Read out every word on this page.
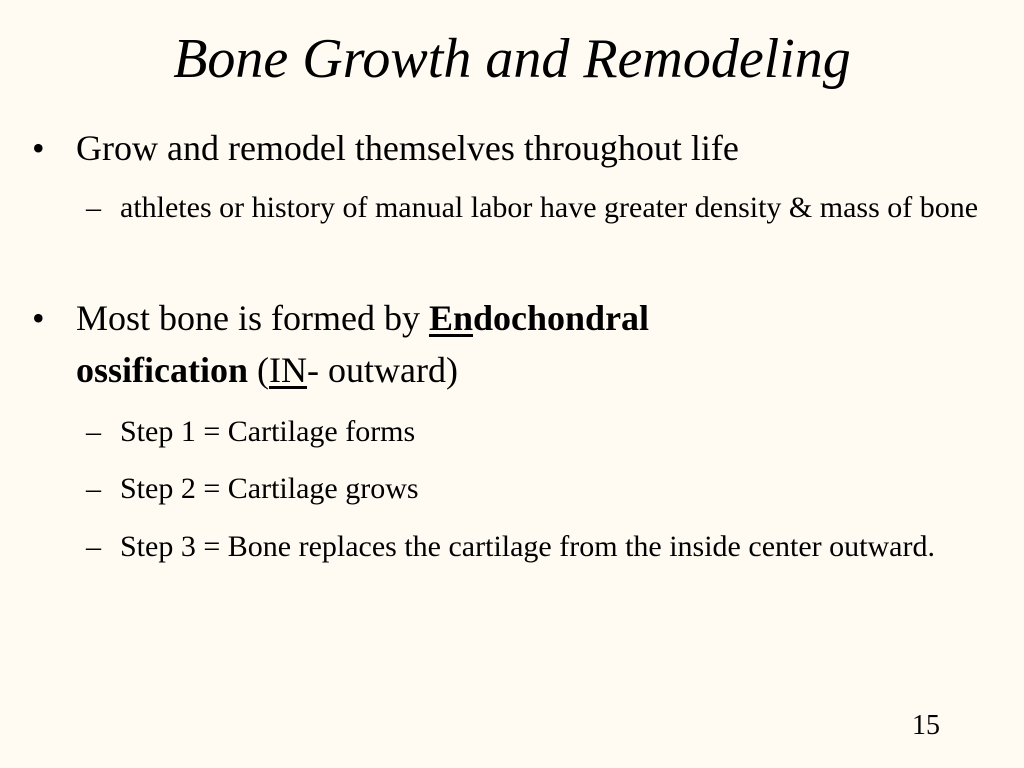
Bone Growth and Remodeling
• Grow and remodel themselves throughout life
– athletes or history of manual labor have greater density & mass of bone
• Most bone is formed by Endochondral
ossification (IN- outward)
– Step 1 = Cartilage forms
– Step 2 = Cartilage grows
– Step 3 = Bone replaces the cartilage from the inside center outward.
15
